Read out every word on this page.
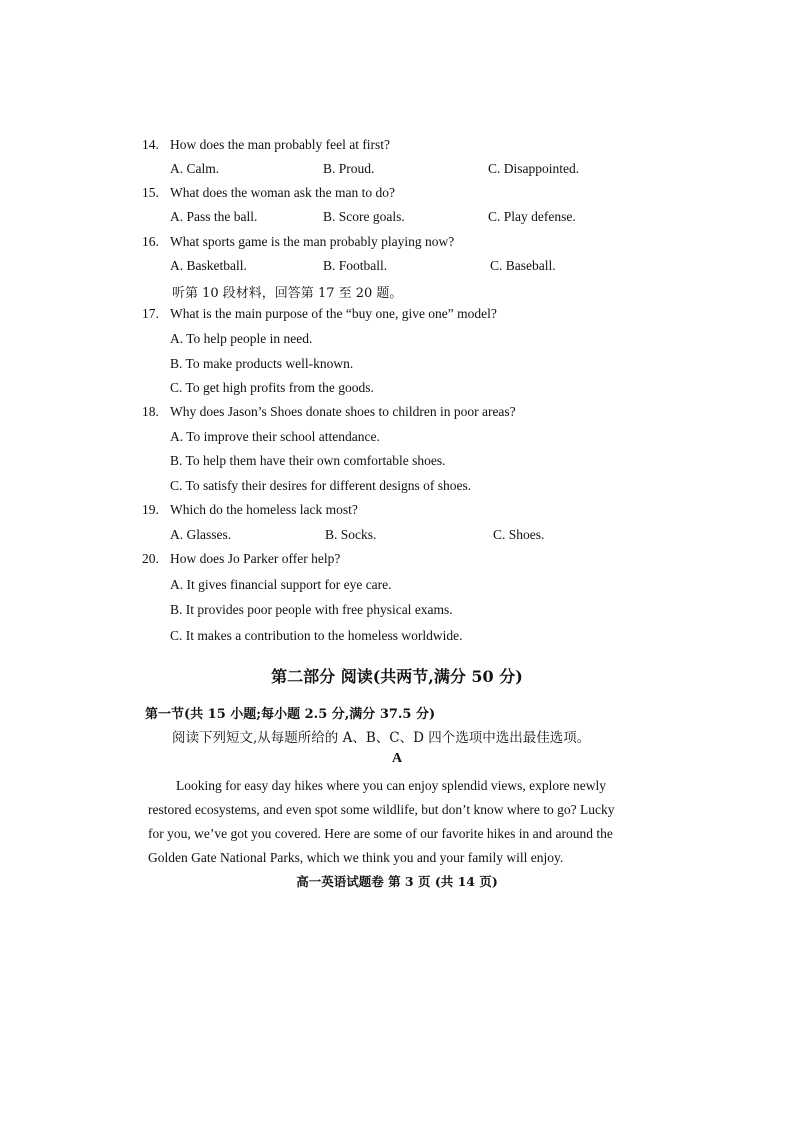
14. How does the man probably feel at first?
A. Calm.	B. Proud.	C. Disappointed.
15. What does the woman ask the man to do?
A. Pass the ball.	B. Score goals.	C. Play defense.
16. What sports game is the man probably playing now?
A. Basketball.	B. Football.	C. Baseball.
听第 10 段材料，回答第 17 至 20 题。
17. What is the main purpose of the “buy one, give one” model?
A. To help people in need.
B. To make products well-known.
C. To get high profits from the goods.
18. Why does Jason’s Shoes donate shoes to children in poor areas?
A. To improve their school attendance.
B. To help them have their own comfortable shoes.
C. To satisfy their desires for different designs of shoes.
19. Which do the homeless lack most?
A. Glasses.	B. Socks.	C. Shoes.
20. How does Jo Parker offer help?
A. It gives financial support for eye care.
B. It provides poor people with free physical exams.
C. It makes a contribution to the homeless worldwide.
第二部分 阅读(共两节,满分 50 分)
第一节(共 15 小题;每小题 2.5 分,满分 37.5 分)
阅读下列短文,从每题所给的 A、B、C、D 四个选项中选出最佳选项。
A
Looking for easy day hikes where you can enjoy splendid views, explore newly
restored ecosystems, and even spot some wildlife, but don’t know where to go? Lucky
for you, we’ve got you covered. Here are some of our favorite hikes in and around the
Golden Gate National Parks, which we think you and your family will enjoy.
高一英语试题卷 第 3 页 (共 14 页)
